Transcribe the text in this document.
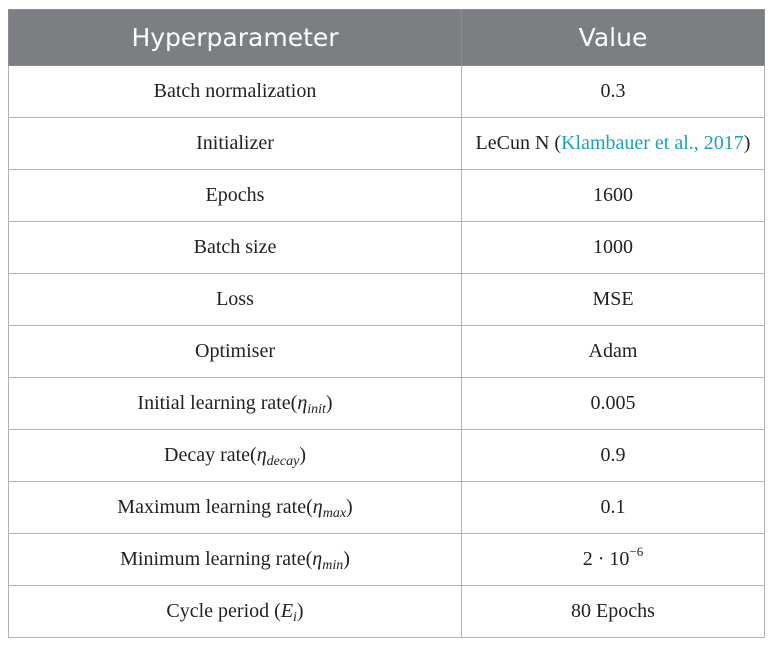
Hyperparameter	Value
Batch normalization	0.3
Initializer	LeCun N (Klambauer et al., 2017)
Epochs	1600
Batch size	1000
Loss	MSE
Optimiser	Adam
Initial learning $rate(\eta_{init})$	0.005
Decay $rate(\eta_{decay})$	0.9
Maximum learning $rate(\eta_{max})$	0.1
Minimum learning $rate(\eta_{min})$	$2 \cdot 10^{-6}$
Cycle period $(E_i)$	80 Epochs
